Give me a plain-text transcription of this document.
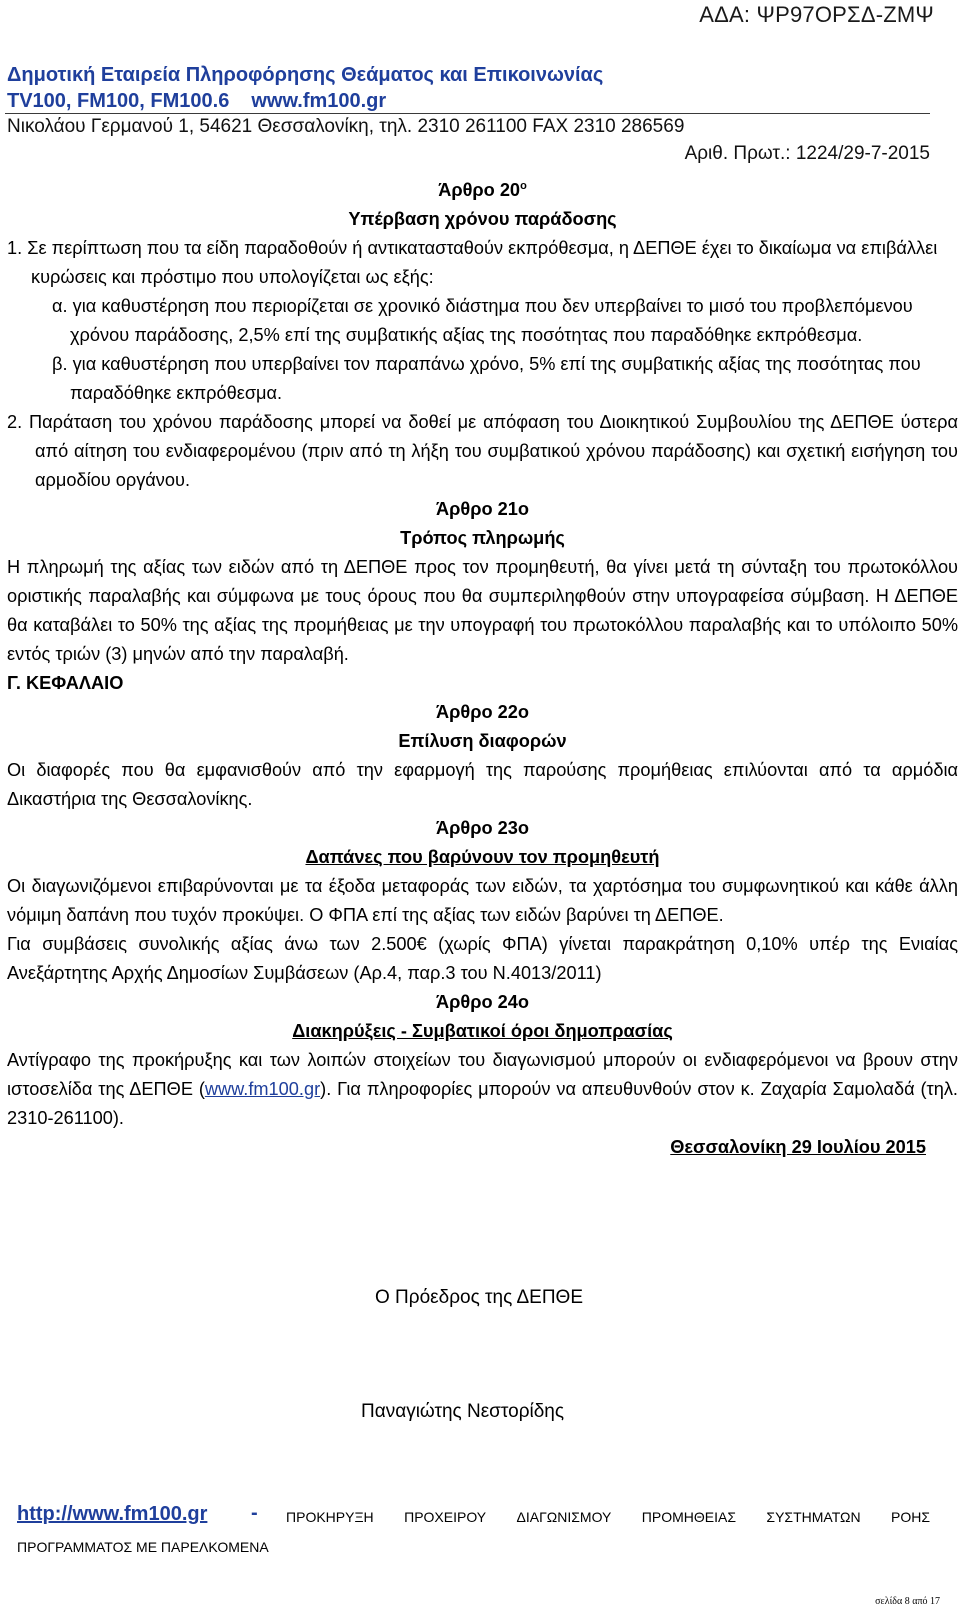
ΑΔΑ: ΨΡ97ΟΡΣΔ-ΖΜΨ
Δημοτική Εταιρεία Πληροφόρησης Θεάματος και Επικοινωνίας
TV100, FM100, FM100.6 www.fm100.gr
Νικολάου Γερμανού 1, 54621 Θεσσαλονίκη, τηλ. 2310 261100 FAX 2310 286569
Αριθ. Πρωτ.: 1224/29-7-2015

Άρθρο $20^o$

Υπέρβαση χρόνου παράδοσης

1. Σε περίπτωση που τα είδη παραδοθούν ή αντικατασταθούν εκπρόθεσμα, η ΔΕΠΘΕ έχει το δικαίωμα να επιβάλλει κυρώσεις και πρόστιμο που υπολογίζεται ως εξής:

α. για καθυστέρηση που περιορίζεται σε χρονικό διάστημα που δεν υπερβαίνει το μισό του προβλεπόμενου χρόνου παράδοσης, 2,5% επί της συμβατικής αξίας της ποσότητας που παραδόθηκε εκπρόθεσμα.

β. για καθυστέρηση που υπερβαίνει τον παραπάνω χρόνο, 5% επί της συμβατικής αξίας της ποσότητας που παραδόθηκε εκπρόθεσμα.

2. Παράταση του χρόνου παράδοσης μπορεί να δοθεί με απόφαση του Διοικητικού Συμβουλίου της ΔΕΠΘΕ ύστερα από αίτηση του ενδιαφερομένου (πριν από τη λήξη του συμβατικού χρόνου παράδοσης) και σχετική εισήγηση του αρμοδίου οργάνου.

Άρθρο 21ο

Τρόπος πληρωμής

Η πληρωμή της αξίας των ειδών από τη ΔΕΠΘΕ προς τον προμηθευτή, θα γίνει μετά τη σύνταξη του πρωτοκόλλου οριστικής παραλαβής και σύμφωνα με τους όρους που θα συμπεριληφθούν στην υπογραφείσα σύμβαση. Η ΔΕΠΘΕ θα καταβάλει το 50% της αξίας της προμήθειας με την υπογραφή του πρωτοκόλλου παραλαβής και το υπόλοιπο 50% εντός τριών (3) μηνών από την παραλαβή.

Γ. ΚΕΦΑΛΑΙΟ

Άρθρο 22ο

Επίλυση διαφορών

Οι διαφορές που θα εμφανισθούν από την εφαρμογή της παρούσης προμήθειας επιλύονται από τα αρμόδια Δικαστήρια της Θεσσαλονίκης.

Άρθρο 23ο

Δαπάνες που βαρύνουν τον προμηθευτή

Οι διαγωνιζόμενοι επιβαρύνονται με τα έξοδα μεταφοράς των ειδών, τα χαρτόσημα του συμφωνητικού και κάθε άλλη νόμιμη δαπάνη που τυχόν προκύψει. Ο ΦΠΑ επί της αξίας των ειδών βαρύνει τη ΔΕΠΘΕ.

Για συμβάσεις συνολικής αξίας άνω των 2.500€ (χωρίς ΦΠΑ) γίνεται παρακράτηση 0,10% υπέρ της Ενιαίας Ανεξάρτητης Αρχής Δημοσίων Συμβάσεων (Αρ.4, παρ.3 του Ν.4013/2011)

Άρθρο 24ο

Διακηρύξεις - Συμβατικοί όροι δημοπρασίας

Αντίγραφο της προκήρυξης και των λοιπών στοιχείων του διαγωνισμού μπορούν οι ενδιαφερόμενοι να βρουν στην ιστοσελίδα της ΔΕΠΘΕ (www.fm100.gr). Για πληροφορίες μπορούν να απευθυνθούν στον κ. Ζαχαρία Σαμολαδά (τηλ. 2310-261100).

Θεσσαλονίκη 29 Ιουλίου 2015

Ο Πρόεδρος της ΔΕΠΘΕ
Παναγιώτης Νεστορίδης
http://www.fm100.gr - ΠΡΟΚΗΡΥΞΗ ΠΡΟΧΕΙΡΟΥ ΔΙΑΓΩΝΙΣΜΟΥ ΠΡΟΜΗΘΕΙΑΣ ΣΥΣΤΗΜΑΤΩΝ ΡΟΗΣ
ΠΡΟΓΡΑΜΜΑΤΟΣ ΜΕ ΠΑΡΕΛΚΟΜΕΝΑ
σελίδα 8 από 17
